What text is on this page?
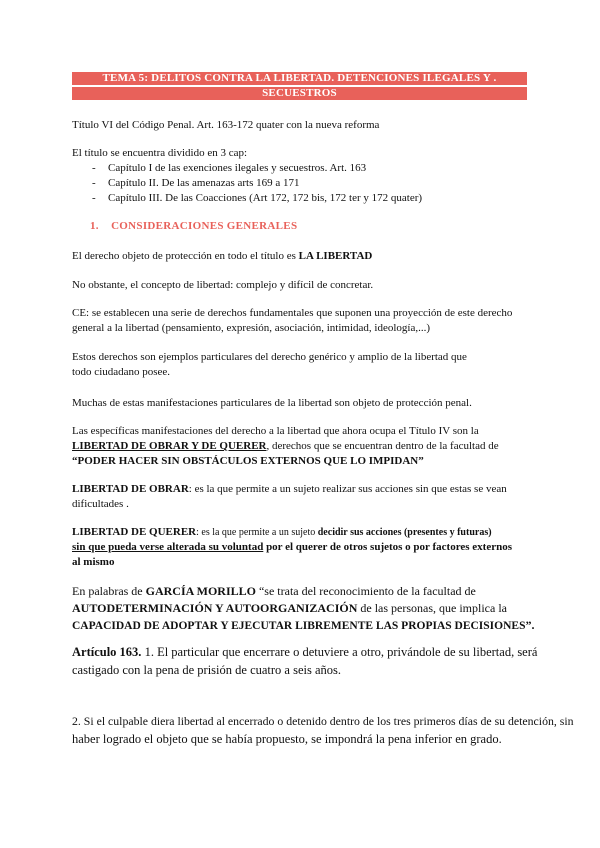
TEMA 5: DELITOS CONTRA LA LIBERTAD. DETENCIONES ILEGALES Y .
SECUESTROS
Título VI del Código Penal. Art. 163-172 quater con la nueva reforma
El título se encuentra dividido en 3 cap:
- Capítulo I de las exenciones ilegales y secuestros. Art. 163
- Capítulo II. De las amenazas arts 169 a 171
- Capítulo III. De las Coacciones (Art 172, 172 bis, 172 ter y 172 quater)
1. CONSIDERACIONES GENERALES
El derecho objeto de protección en todo el título es LA LIBERTAD
No obstante, el concepto de libertad: complejo y difícil de concretar.
CE: se establecen una serie de derechos fundamentales que suponen una proyección de este derecho
general a la libertad (pensamiento, expresión, asociación, intimidad, ideología,...)
Estos derechos son ejemplos particulares del derecho genérico y amplio de la libertad que
todo ciudadano posee.
Muchas de estas manifestaciones particulares de la libertad son objeto de protección penal.
Las específicas manifestaciones del derecho a la libertad que ahora ocupa el Título IV son la
LIBERTAD DE OBRAR Y DE QUERER, derechos que se encuentran dentro de la facultad de
“PODER HACER SIN OBSTÁCULOS EXTERNOS QUE LO IMPIDAN”
LIBERTAD DE OBRAR: es la que permite a un sujeto realizar sus acciones sin que estas se vean
dificultades .
LIBERTAD DE QUERER: es la que permite a un sujeto decidir sus acciones (presentes y futuras)
sin que pueda verse alterada su voluntad por el querer de otros sujetos o por factores externos
al mismo
En palabras de GARCÍA MORILLO “se trata del reconocimiento de la facultad de
AUTODETERMINACIÓN Y AUTOORGANIZACIÓN de las personas, que implica la
CAPACIDAD DE ADOPTAR Y EJECUTAR LIBREMENTE LAS PROPIAS DECISIONES”.
Artículo 163. 1. El particular que encerrare o detuviere a otro, privándole de su libertad, será
castigado con la pena de prisión de cuatro a seis años.
2. Si el culpable diera libertad al encerrado o detenido dentro de los tres primeros días de su detención, sin
haber logrado el objeto que se había propuesto, se impondrá la pena inferior en grado.
